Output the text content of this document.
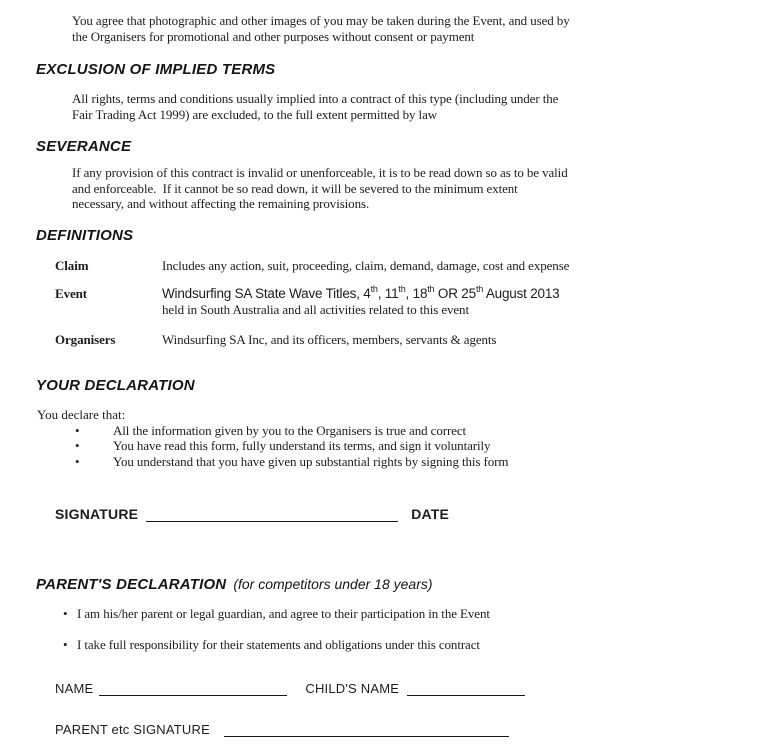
You agree that photographic and other images of you may be taken during the Event, and used by
the Organisers for promotional and other purposes without consent or payment
EXCLUSION OF IMPLIED TERMS
All rights, terms and conditions usually implied into a contract of this type (including under the
Fair Trading Act 1999) are excluded, to the full extent permitted by law
SEVERANCE
If any provision of this contract is invalid or unenforceable, it is to be read down so as to be valid
and enforceable.  If it cannot be so read down, it will be severed to the minimum extent
necessary, and without affecting the remaining provisions.
DEFINITIONS
Claim	Includes any action, suit, proceeding, claim, demand, damage, cost and expense
Event	Windsurfing SA State Wave Titles, 4th, 11th, 18th OR 25th August 2013
held in South Australia and all activities related to this event
Organisers	Windsurfing SA Inc, and its officers, members, servants & agents
YOUR DECLARATION
You declare that:
•	All the information given by you to the Organisers is true and correct
•	You have read this form, fully understand its terms, and sign it voluntarily
•	You understand that you have given up substantial rights by signing this form
SIGNATURE	DATE
PARENT'S DECLARATION (for competitors under 18 years)
• I am his/her parent or legal guardian, and agree to their participation in the Event
• I take full responsibility for their statements and obligations under this contract
NAME	CHILD'S NAME
PARENT etc SIGNATURE
